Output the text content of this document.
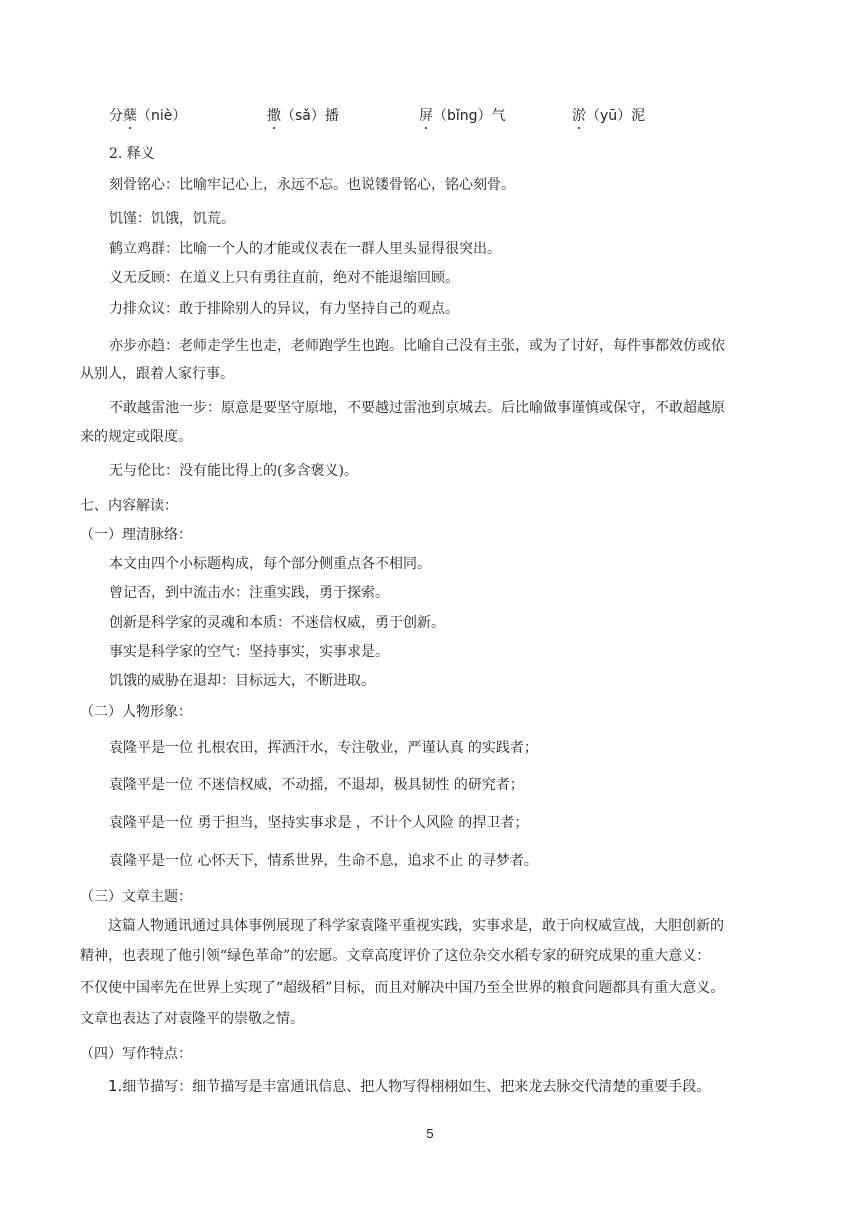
分蘖（niè）	撒（sǎ）播	屏（bǐng）气	淤（yū）泥
2. 释义
刻骨铭心：比喻牢记心上，永远不忘。也说镂骨铭心，铭心刻骨。
饥馑：饥饿，饥荒。
鹤立鸡群：比喻一个人的才能或仪表在一群人里头显得很突出。
义无反顾：在道义上只有勇往直前，绝对不能退缩回顾。
力排众议：敢于排除别人的异议，有力坚持自己的观点。
亦步亦趋：老师走学生也走，老师跑学生也跑。比喻自己没有主张，或为了讨好，每件事都效仿或依
从别人，跟着人家行事。
不敢越雷池一步：原意是要坚守原地，不要越过雷池到京城去。后比喻做事谨慎或保守，不敢超越原
来的规定或限度。
无与伦比：没有能比得上的(多含褒义)。
七、内容解读：
（一）理清脉络：
本文由四个小标题构成，每个部分侧重点各不相同。
曾记否，到中流击水：注重实践，勇于探索。
创新是科学家的灵魂和本质：不迷信权威，勇于创新。
事实是科学家的空气：坚持事实，实事求是。
饥饿的威胁在退却：目标远大，不断进取。
（二）人物形象：
袁隆平是一位 扎根农田，挥洒汗水，专注敬业，严谨认真 的实践者；
袁隆平是一位 不迷信权威，不动摇，不退却，极具韧性 的研究者；
袁隆平是一位 勇于担当，坚持实事求是 ，不计个人风险 的捍卫者；
袁隆平是一位 心怀天下，情系世界，生命不息，追求不止 的寻梦者。
（三）文章主题：
这篇人物通讯通过具体事例展现了科学家袁隆平重视实践，实事求是，敢于向权威宣战，大胆创新的
精神，也表现了他引领“绿色革命”的宏愿。文章高度评价了这位杂交水稻专家的研究成果的重大意义：
不仅使中国率先在世界上实现了“超级稻”目标，而且对解决中国乃至全世界的粮食问题都具有重大意义。
文章也表达了对袁隆平的崇敬之情。
（四）写作特点：
1.细节描写：细节描写是丰富通讯信息、把人物写得栩栩如生、把来龙去脉交代清楚的重要手段。
5
